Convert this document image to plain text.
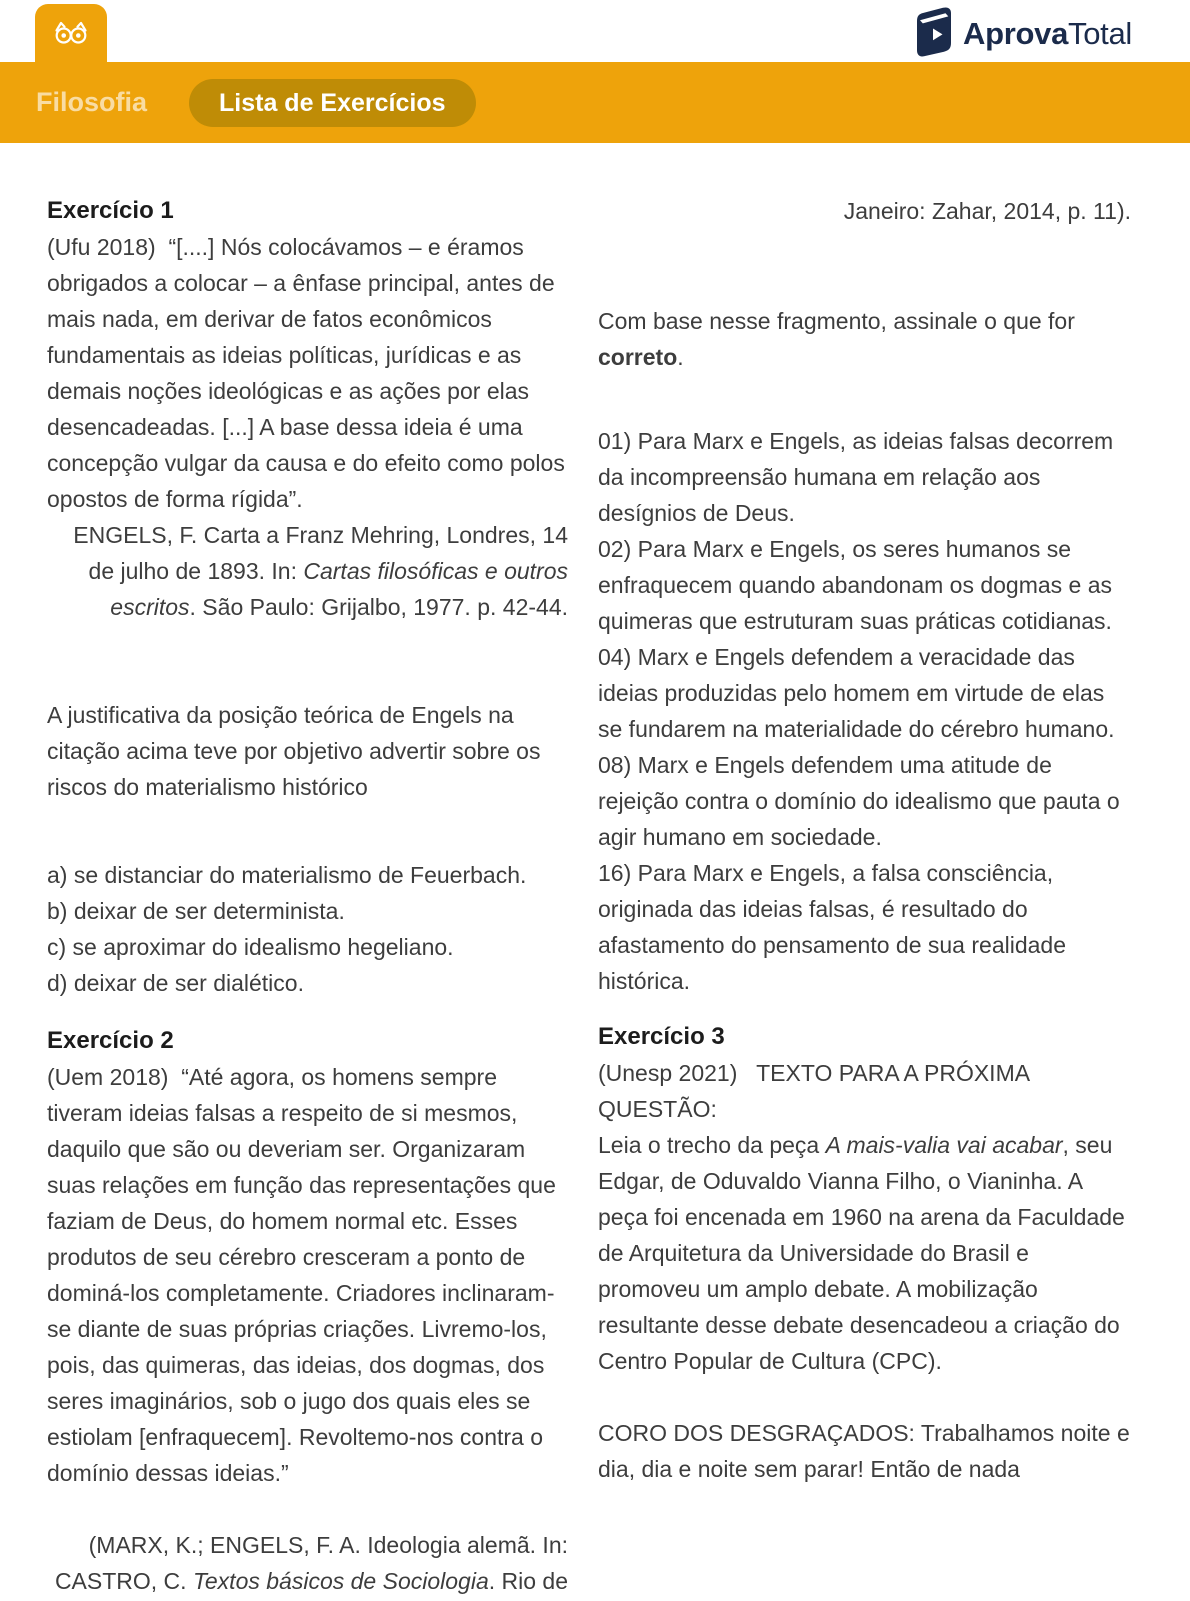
AprovaTotal
Filosofia	Lista de Exercícios

Exercício 1

(Ufu 2018)  “[....] Nós colocávamos – e éramos obrigados a colocar – a ênfase principal, antes de mais nada, em derivar de fatos econômicos fundamentais as ideias políticas, jurídicas e as demais noções ideológicas e as ações por elas desencadeadas. [...] A base dessa ideia é uma concepção vulgar da causa e do efeito como polos opostos de forma rígida”.

ENGELS, F. Carta a Franz Mehring, Londres, 14 de julho de 1893. In: Cartas filosóficas e outros escritos. São Paulo: Grijalbo, 1977. p. 42-44.

A justificativa da posição teórica de Engels na citação acima teve por objetivo advertir sobre os riscos do materialismo histórico

a) se distanciar do materialismo de Feuerbach.
b) deixar de ser determinista.
c) se aproximar do idealismo hegeliano.
d) deixar de ser dialético.

Exercício 2

(Uem 2018)  “Até agora, os homens sempre tiveram ideias falsas a respeito de si mesmos, daquilo que são ou deveriam ser. Organizaram suas relações em função das representações que faziam de Deus, do homem normal etc. Esses produtos de seu cérebro cresceram a ponto de dominá-los completamente. Criadores inclinaram-se diante de suas próprias criações. Livremo-los, pois, das quimeras, das ideias, dos dogmas, dos seres imaginários, sob o jugo dos quais eles se estiolam [enfraquecem]. Revoltemo-nos contra o domínio dessas ideias.”

(MARX, K.; ENGELS, F. A. Ideologia alemã. In: CASTRO, C. Textos básicos de Sociologia. Rio de

Janeiro: Zahar, 2014, p. 11).

Com base nesse fragmento, assinale o que for correto.

01) Para Marx e Engels, as ideias falsas decorrem da incompreensão humana em relação aos desígnios de Deus.
02) Para Marx e Engels, os seres humanos se enfraquecem quando abandonam os dogmas e as quimeras que estruturam suas práticas cotidianas.
04) Marx e Engels defendem a veracidade das ideias produzidas pelo homem em virtude de elas se fundarem na materialidade do cérebro humano.
08) Marx e Engels defendem uma atitude de rejeição contra o domínio do idealismo que pauta o agir humano em sociedade.
16) Para Marx e Engels, a falsa consciência, originada das ideias falsas, é resultado do afastamento do pensamento de sua realidade histórica.

Exercício 3

(Unesp 2021)   TEXTO PARA A PRÓXIMA QUESTÃO:

Leia o trecho da peça A mais-valia vai acabar, seu Edgar, de Oduvaldo Vianna Filho, o Vianinha. A peça foi encenada em 1960 na arena da Faculdade de Arquitetura da Universidade do Brasil e promoveu um amplo debate. A mobilização resultante desse debate desencadeou a criação do Centro Popular de Cultura (CPC).

CORO DOS DESGRAÇADOS: Trabalhamos noite e dia, dia e noite sem parar! Então de nada
